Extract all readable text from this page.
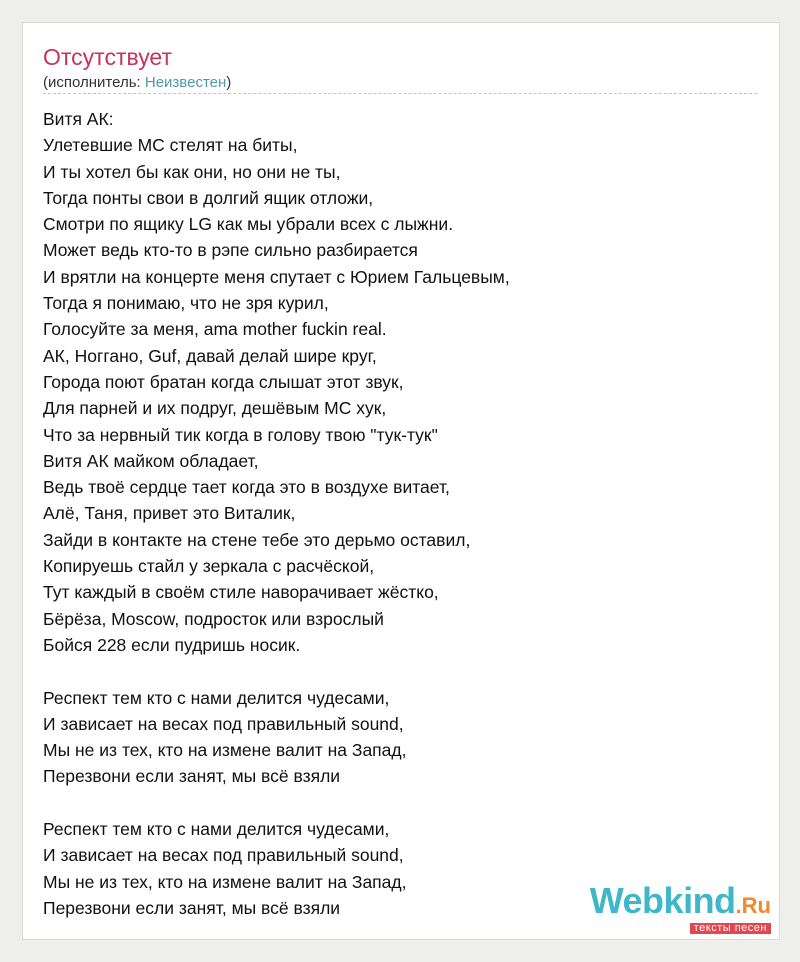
Отсутствует
(исполнитель: Неизвестен)
Витя АК:
Улетевшие МС стелят на биты,
И ты хотел бы как они, но они не ты,
Тогда понты свои в долгий ящик отложи,
Смотри по ящику LG как мы убрали всех с лыжни.
Может ведь кто-то в рэпе сильно разбирается
И врятли на концерте меня спутает с Юрием Гальцевым,
Тогда я понимаю, что не зря курил,
Голосуйте за меня, ama mother fuckin real.
АК, Ноггано, Guf, давай делай шире круг,
Города поют братан когда слышат этот звук,
Для парней и их подруг, дешёвым МС хук,
Что за нервный тик когда в голову твою "тук-тук"
Витя АК майком обладает,
Ведь твоё сердце тает когда это в воздухе витает,
Алё, Таня, привет это Виталик,
Зайди в контакте на стене тебе это дерьмо оставил,
Копируешь стайл у зеркала с расчёской,
Тут каждый в своём стиле наворачивает жёстко,
Бёрёза, Moscow, подросток или взрослый
Бойся 228 если пудришь носик.
Респект тем кто с нами делится чудесами,
И зависает на весах под правильный sound,
Мы не из тех, кто на измене валит на Запад,
Перезвони если занят, мы всё взяли
Респект тем кто с нами делится чудесами,
И зависает на весах под правильный sound,
Мы не из тех, кто на измене валит на Запад,
Перезвони если занят, мы всё взяли	Webkind.Ru
тексты песен
